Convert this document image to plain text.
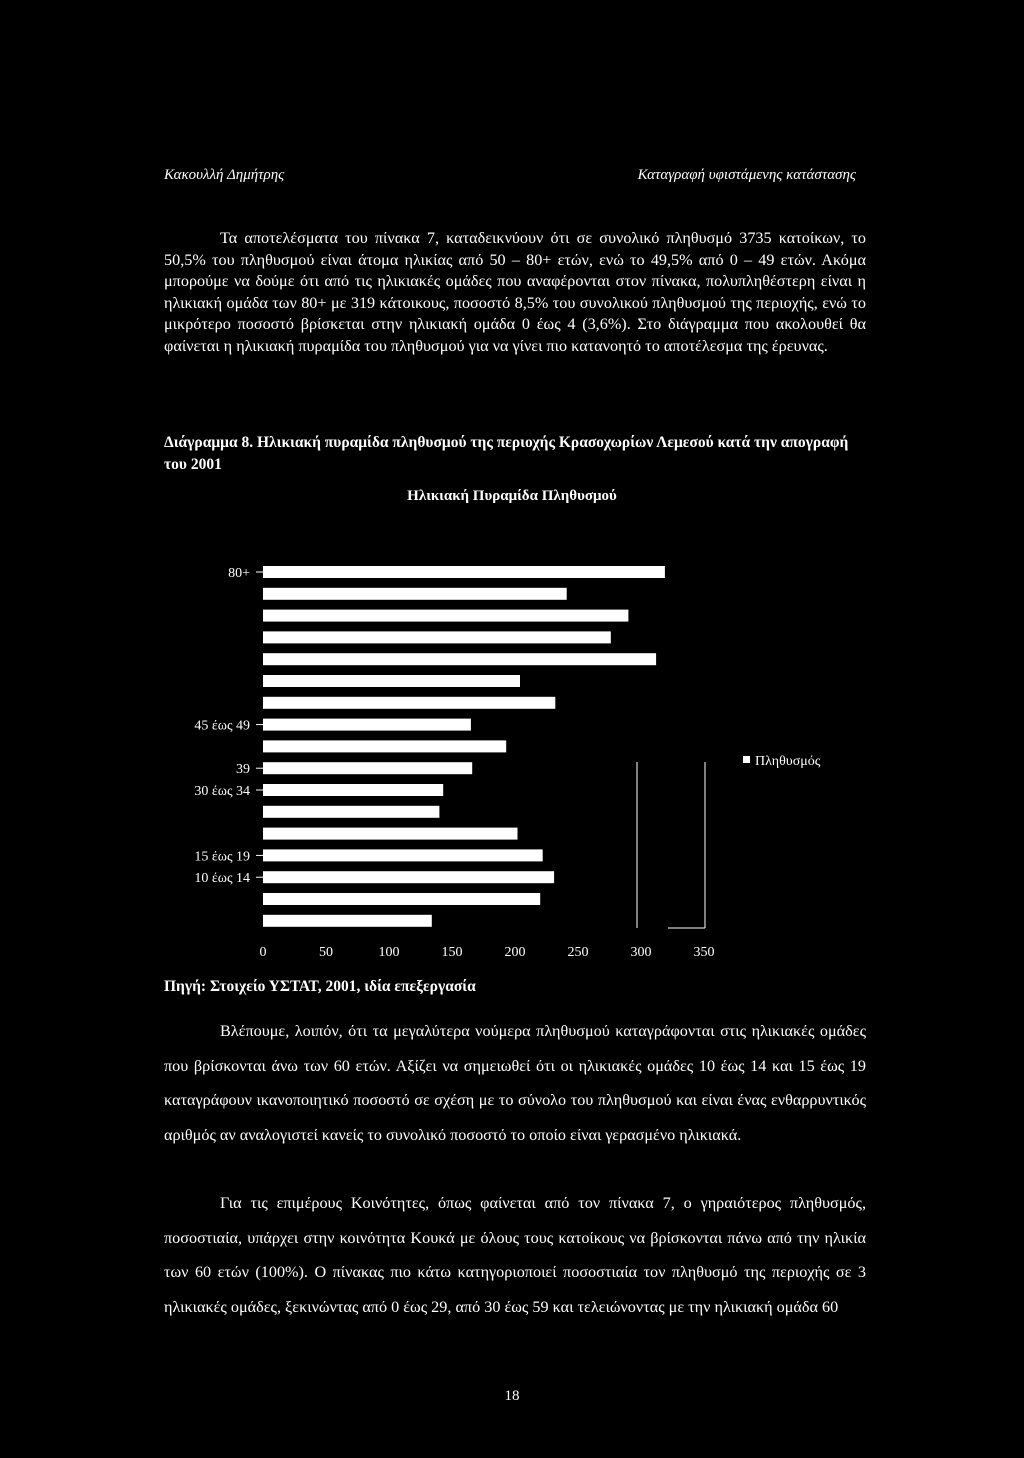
Κακουλλή Δημήτρης	Καταγραφή υφιστάμενης κατάστασης

Τα αποτελέσματα του πίνακα 7, καταδεικνύουν ότι σε συνολικό πληθυσμό 3735 κατοίκων, το 50,5% του πληθυσμού είναι άτομα ηλικίας από 50 – 80+ ετών, ενώ το 49,5% από 0 – 49 ετών. Ακόμα μπορούμε να δούμε ότι από τις ηλικιακές ομάδες που αναφέρονται στον πίνακα, πολυπληθέστερη είναι η ηλικιακή ομάδα των 80+ με 319 κάτοικους, ποσοστό 8,5% του συνολικού πληθυσμού της περιοχής, ενώ το μικρότερο ποσοστό βρίσκεται στην ηλικιακή ομάδα 0 έως 4 (3,6%). Στο διάγραμμα που ακολουθεί θα φαίνεται η ηλικιακή πυραμίδα του πληθυσμού για να γίνει πιο κατανοητό το αποτέλεσμα της έρευνας.

Διάγραμμα 8. Ηλικιακή πυραμίδα πληθυσμού της περιοχής Κρασοχωρίων Λεμεσού κατά την απογραφή του 2001

Ηλικιακή Πυραμίδα Πληθυσμού
80+
45 έως 49
39
30 έως 34
15 έως 19
10 έως 14
0	50	100	150	200	250	300	350
Πληθυσμός

Πηγή: Στοιχείο ΥΣΤΑΤ, 2001, ιδία επεξεργασία

Βλέπουμε, λοιπόν, ότι τα μεγαλύτερα νούμερα πληθυσμού καταγράφονται στις ηλικιακές ομάδες που βρίσκονται άνω των 60 ετών. Αξίζει να σημειωθεί ότι οι ηλικιακές ομάδες 10 έως 14 και 15 έως 19 καταγράφουν ικανοποιητικό ποσοστό σε σχέση με το σύνολο του πληθυσμού και είναι ένας ενθαρρυντικός αριθμός αν αναλογιστεί κανείς το συνολικό ποσοστό το οποίο είναι γερασμένο ηλικιακά.

Για τις επιμέρους Κοινότητες, όπως φαίνεται από τον πίνακα 7, ο γηραιότερος πληθυσμός, ποσοστιαία, υπάρχει στην κοινότητα Κουκά με όλους τους κατοίκους να βρίσκονται πάνω από την ηλικία των 60 ετών (100%). Ο πίνακας πιο κάτω κατηγοριοποιεί ποσοστιαία τον πληθυσμό της περιοχής σε 3 ηλικιακές ομάδες, ξεκινώντας από 0 έως 29, από 30 έως 59 και τελειώνοντας με την ηλικιακή ομάδα 60

18
